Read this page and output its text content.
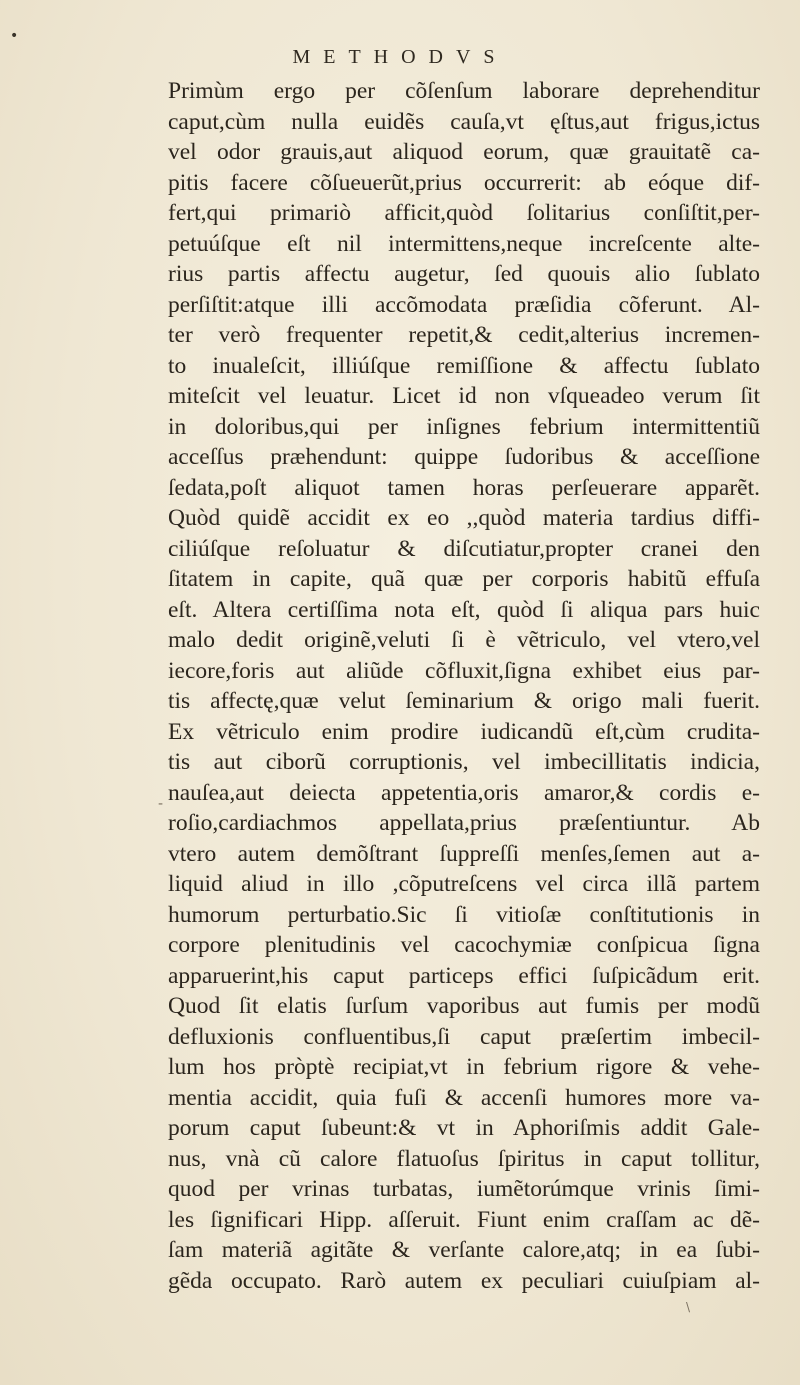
•
METHODVS
-
\
Primùm ergo per cõſenſum laborare deprehenditur
caput,cùm nulla euidẽs cauſa,vt ęſtus,aut frigus,ictus
vel odor grauis,aut aliquod eorum, quæ grauitatẽ ca-
pitis facere cõſueuerũt,prius occurrerit: ab eóque dif-
fert,qui primariò afficit,quòd ſolitarius conſiſtit,per-
petuúſque eſt nil intermittens,neque increſcente alte-
rius partis affectu augetur, ſed quouis alio ſublato
perſiſtit:atque illi accõmodata præſidia cõferunt. Al-
ter verò frequenter repetit,& cedit,alterius incremen-
to inualeſcit, illiúſque remiſſione & affectu ſublato
miteſcit vel leuatur. Licet id non vſqueadeo verum ſit
in doloribus,qui per inſignes febrium intermittentiũ
acceſſus præhendunt: quippe ſudoribus & acceſſione
ſedata,poſt aliquot tamen horas perſeuerare apparẽt.
Quòd quidẽ accidit ex eo ,,quòd materia tardius diffi-
ciliúſque reſoluatur & diſcutiatur,propter cranei den
ſitatem in capite, quã quæ per corporis habitũ effuſa
eſt. Altera certiſſima nota eſt, quòd ſi aliqua pars huic
malo dedit originẽ,veluti ſi è vẽtriculo, vel vtero,vel
iecore,foris aut aliũde cõfluxit,ſigna exhibet eius par-
tis affectę,quæ velut ſeminarium & origo mali fuerit.
Ex vẽtriculo enim prodire iudicandũ eſt,cùm crudita-
tis aut ciborũ corruptionis, vel imbecillitatis indicia,
nauſea,aut deiecta appetentia,oris amaror,& cordis e-
roſio,cardiachmos appellata,prius præſentiuntur. Ab
vtero autem demõſtrant ſuppreſſi menſes,ſemen aut a-
liquid aliud in illo ,cõputreſcens vel circa illã partem
humorum perturbatio.Sic ſi vitioſæ conſtitutionis in
corpore plenitudinis vel cacochymiæ conſpicua ſigna
apparuerint,his caput particeps effici ſuſpicãdum erit.
Quod ſit elatis ſurſum vaporibus aut fumis per modũ
defluxionis confluentibus,ſi caput præſertim imbecil-
lum hos pròptè recipiat,vt in febrium rigore & vehe-
mentia accidit, quia fuſi & accenſi humores more va-
porum caput ſubeunt:& vt in Aphoriſmis addit Gale-
nus, vnà cũ calore flatuoſus ſpiritus in caput tollitur,
quod per vrinas turbatas, iumẽtorúmque vrinis ſimi-
les ſignificari Hipp. aſſeruit. Fiunt enim craſſam ac dẽ-
ſam materiã agitãte & verſante calore,atq; in ea ſubi-
gẽda occupato. Rarò autem ex peculiari cuiuſpiam al-
